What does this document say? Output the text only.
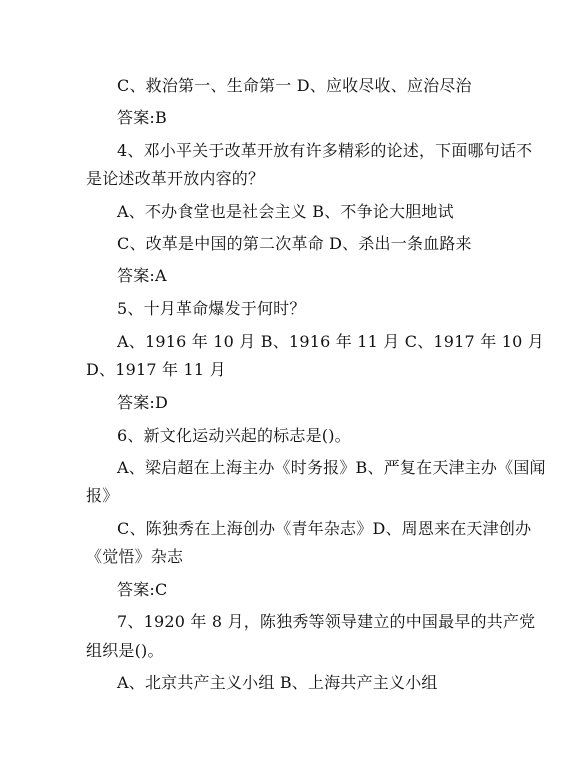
C、救治第一、生命第一 D、应收尽收、应治尽治
答案:B
4、邓小平关于改革开放有许多精彩的论述，下面哪句话不
是论述改革开放内容的？
A、不办食堂也是社会主义 B、不争论大胆地试
C、改革是中国的第二次革命 D、杀出一条血路来
答案:A
5、十月革命爆发于何时？
A、1916 年 10 月 B、1916 年 11 月 C、1917 年 10 月
D、1917 年 11 月
答案:D
6、新文化运动兴起的标志是()。
A、梁启超在上海主办《时务报》B、严复在天津主办《国闻
报》
C、陈独秀在上海创办《青年杂志》D、周恩来在天津创办
《觉悟》杂志
答案:C
7、1920 年 8 月，陈独秀等领导建立的中国最早的共产党
组织是()。
A、北京共产主义小组 B、上海共产主义小组
